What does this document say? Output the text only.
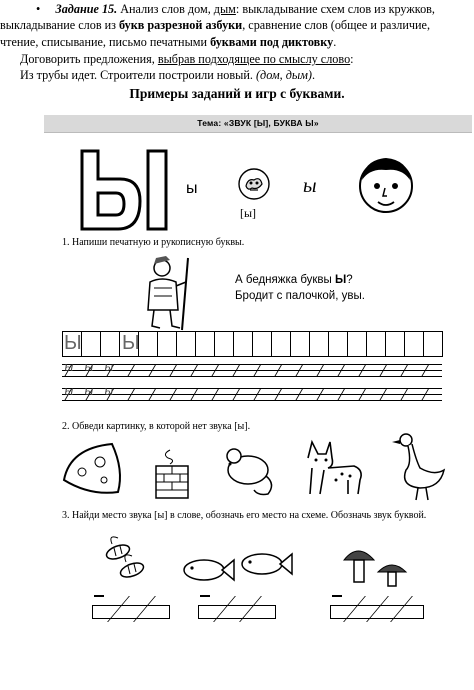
• Задание 15. Анализ слов дом, дым: выкладывание схем слов из кружков,
выкладывание слов из букв разрезной азбуки, сравнение слов (общее и различие,
чтение, списывание, письмо печатными буквами под диктовку.
Договорить предложения, выбрав подходящее по смыслу слово:
Из трубы идет. Строители построили новый. (дом, дым).
Примеры заданий и игр с буквами.
Тема: «ЗВУК [Ы], БУКВА Ы»
ы
[ы]
ы
1. Напиши печатную и рукописную буквы.
А бедняжка буквы Ы?
Бродит с палочкой, увы.
Ы Ы
ы ы ы
ы ы ы
2. Обведи картинку, в которой нет звука [ы].
3. Найди место звука [ы] в слове, обозначь его место на схеме. Обозначь звук буквой.
